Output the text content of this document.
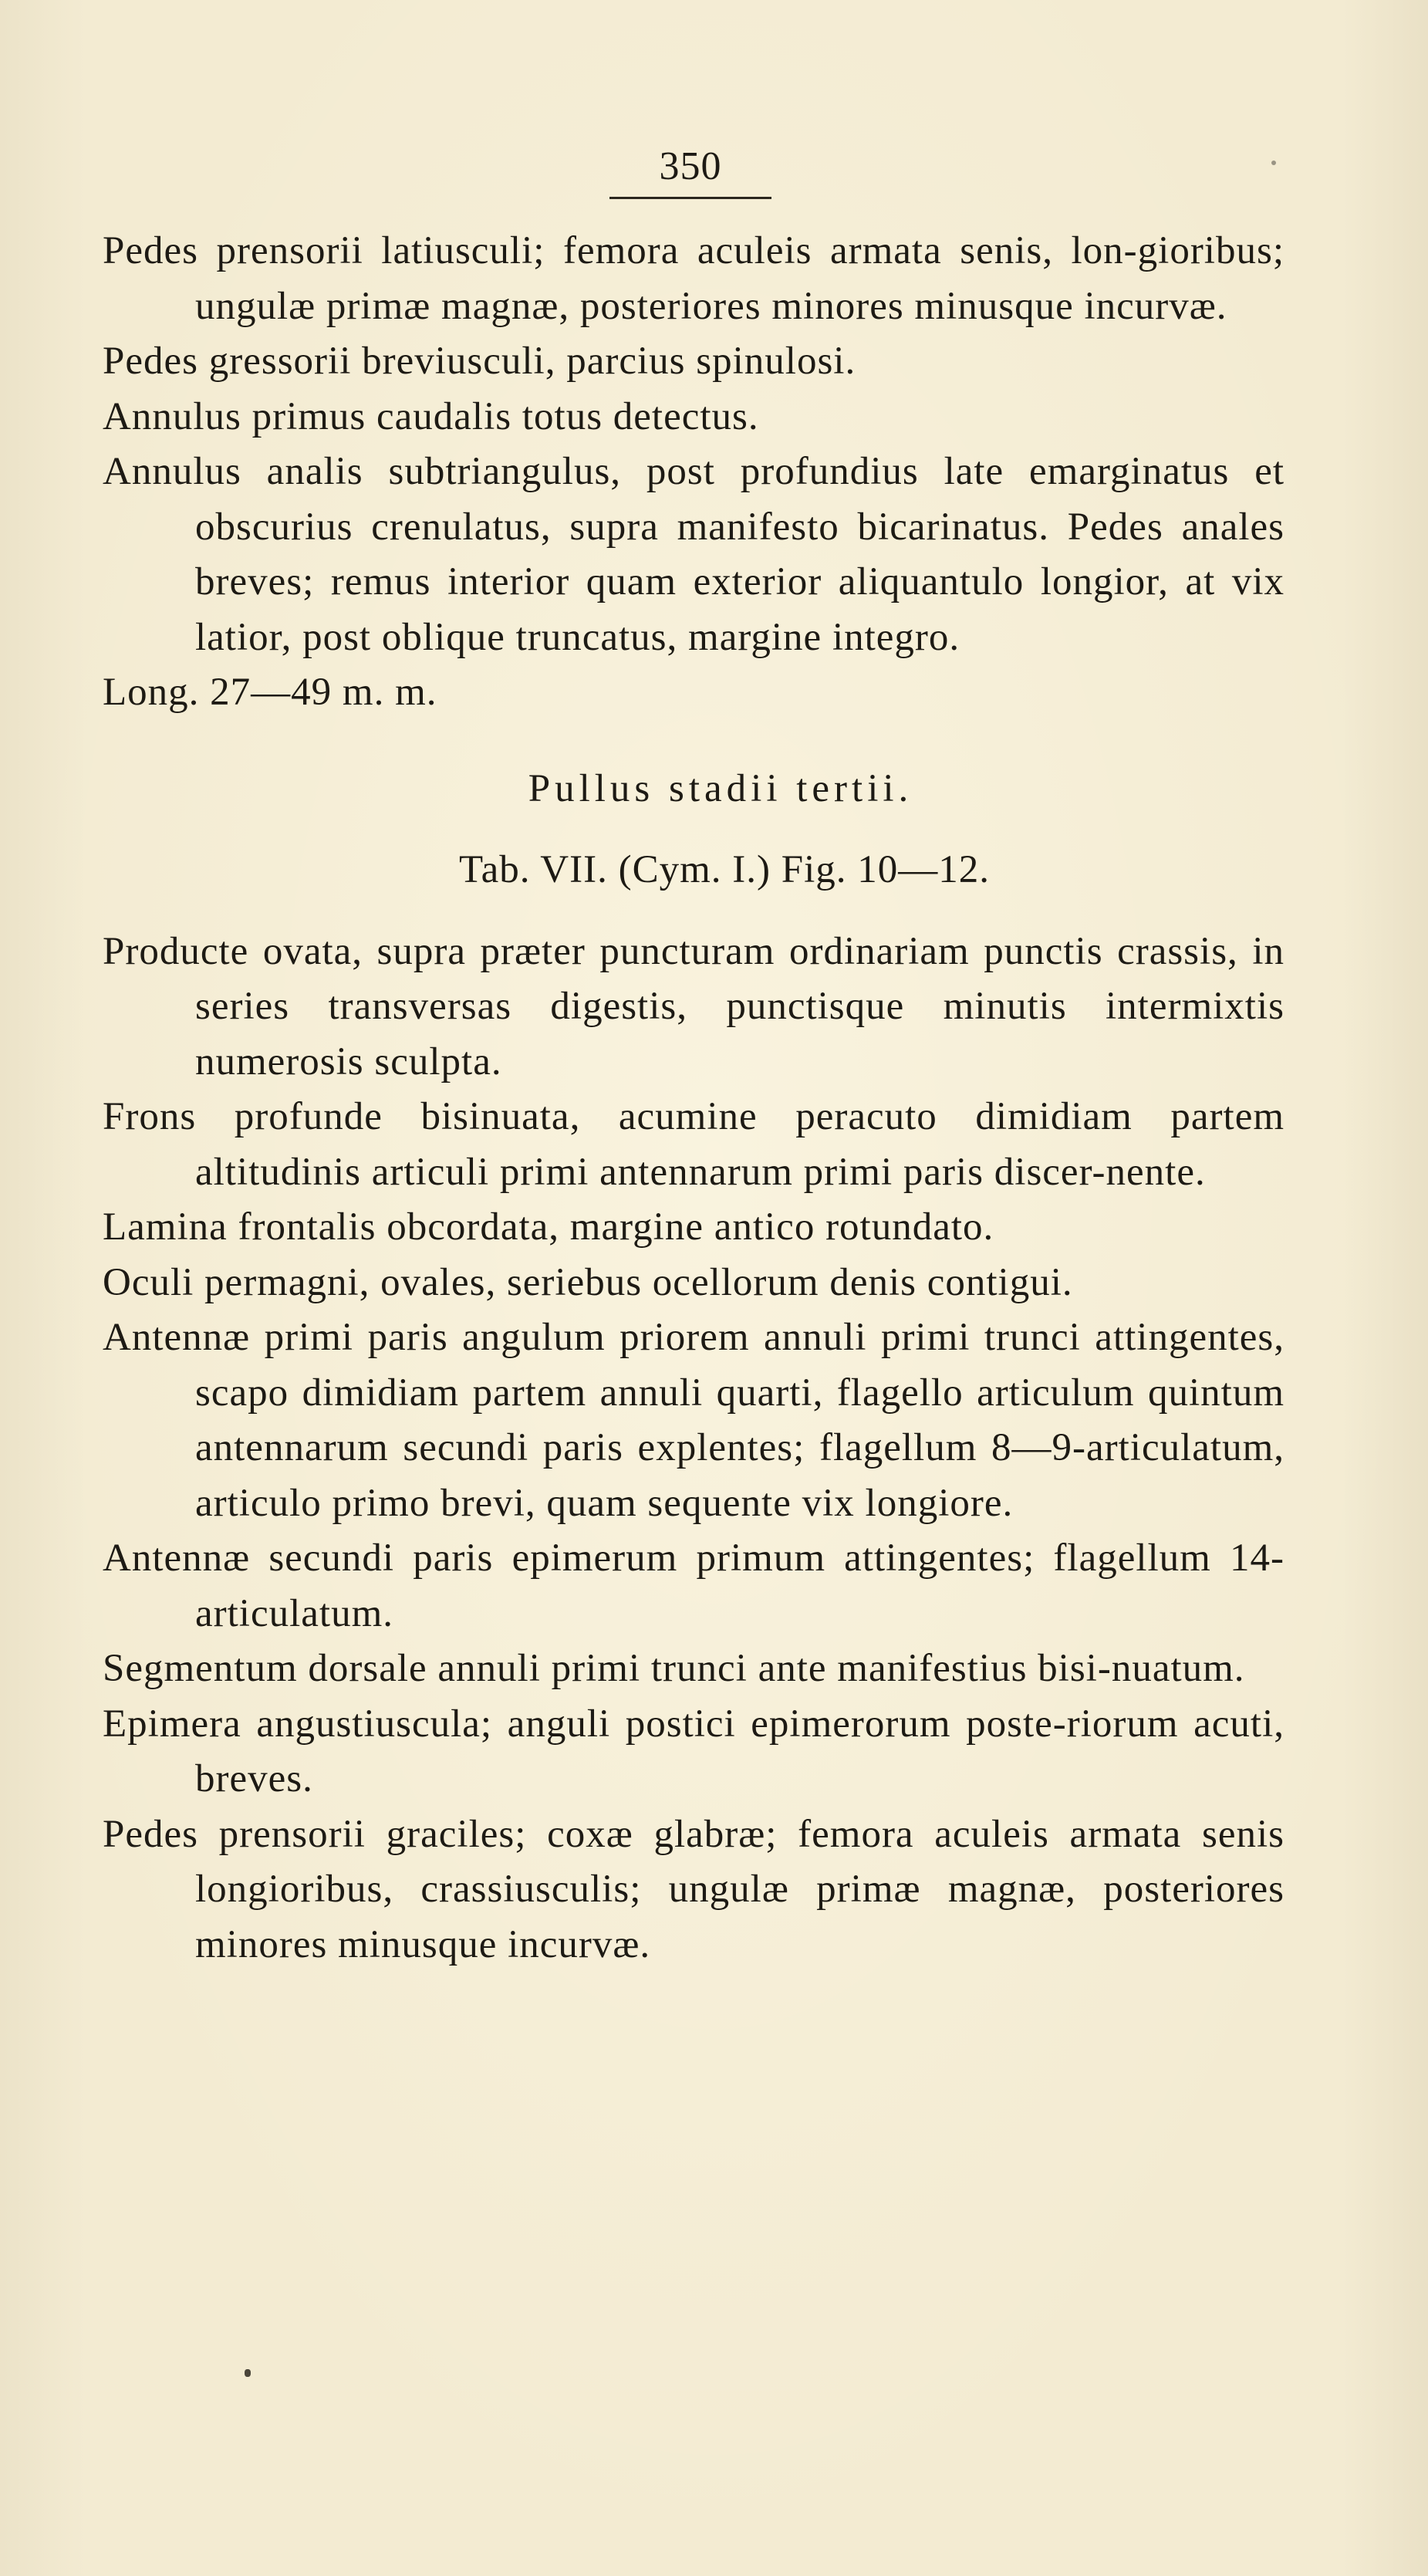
350

Pedes prensorii latiusculi; femora aculeis armata senis, lon-gioribus; ungulæ primæ magnæ, posteriores minores minusque incurvæ.

Pedes gressorii breviusculi, parcius spinulosi.

Annulus primus caudalis totus detectus.

Annulus analis subtriangulus, post profundius late emarginatus et obscurius crenulatus, supra manifesto bicarinatus. Pedes anales breves; remus interior quam exterior aliquantulo longior, at vix latior, post oblique truncatus, margine integro.

Long. 27—49 m. m.

Pullus stadii tertii.

Tab. VII. (Cym. I.) Fig. 10—12.

Producte ovata, supra præter puncturam ordinariam punctis crassis, in series transversas digestis, punctisque minutis intermixtis numerosis sculpta.

Frons profunde bisinuata, acumine peracuto dimidiam partem altitudinis articuli primi antennarum primi paris discer-nente.

Lamina frontalis obcordata, margine antico rotundato.

Oculi permagni, ovales, seriebus ocellorum denis contigui.

Antennæ primi paris angulum priorem annuli primi trunci attingentes, scapo dimidiam partem annuli quarti, flagello articulum quintum antennarum secundi paris explentes; flagellum 8—9-articulatum, articulo primo brevi, quam sequente vix longiore.

Antennæ secundi paris epimerum primum attingentes; flagellum 14-articulatum.

Segmentum dorsale annuli primi trunci ante manifestius bisi-nuatum.

Epimera angustiuscula; anguli postici epimerorum poste-riorum acuti, breves.

Pedes prensorii graciles; coxæ glabræ; femora aculeis armata senis longioribus, crassiusculis; ungulæ primæ magnæ, posteriores minores minusque incurvæ.
